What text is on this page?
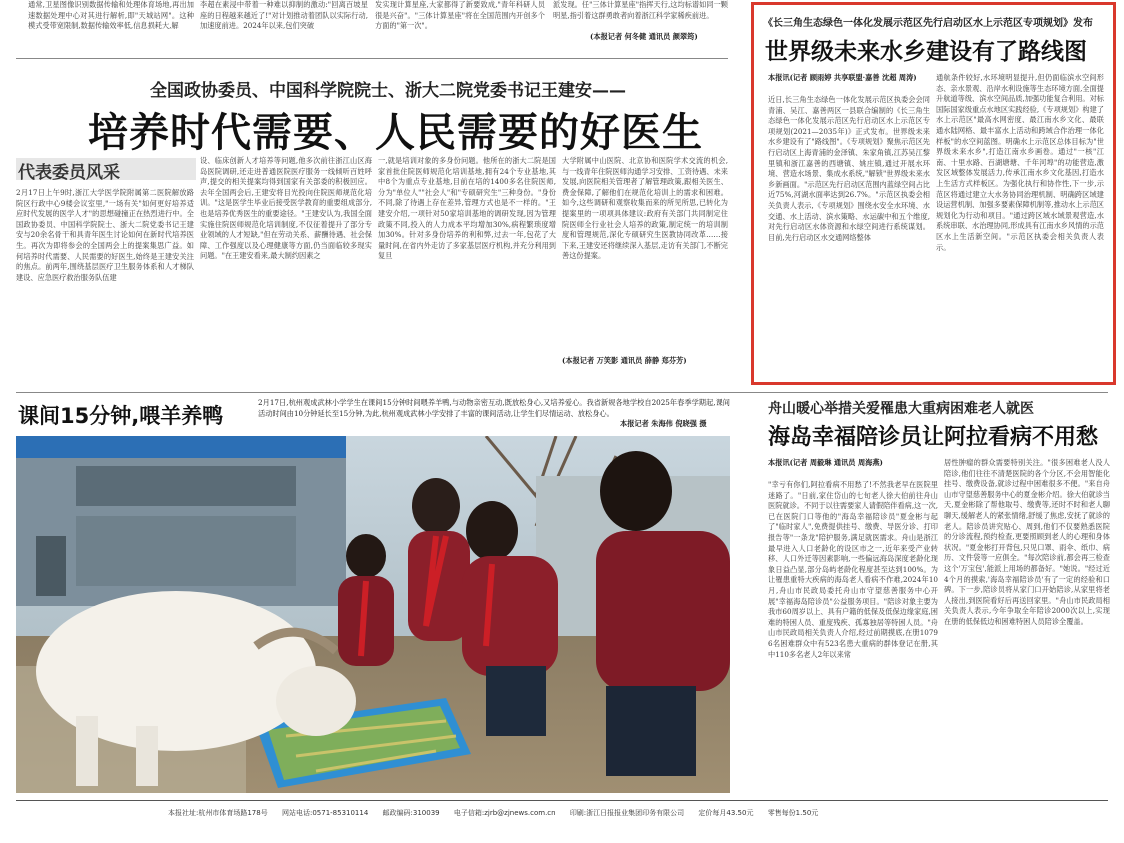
通常,卫星图像识别数据传输和处理体育场地,再出加速数据处理中心对其进行解析,即"天城站网"。这种模式受带宽限制,数据传输效率低,信息损耗大,解
李超在素浸中带着一种难以抑制的激动:"回离百坡星座的日程越来越近了!"对计划推动着团队以实际行动,加速度前进。2024年以来,包们突破
发实现计算星座,大家都得了新要致成,"青年科研人员很是兴奋"。"三体计算星座"将在全国范围内开创多个方面的"第一次"。
派发现。任"三体计算星座"指挥天行,这均标谱如同一颗明星,指引着这群勇敢者向着浙江科学家稀疾前进。
(本报记者 何冬健 通讯员 颜翠筠)
全国政协委员、中国科学院院士、浙大二院党委书记王建安——
培养时代需要、人民需要的好医生
代表委员风采
2月17日上午9时,浙江大学医学院附属第二医院解放路院区行政中心9楼会议室里,"一场有关"如何更好培养适应时代发展的医学人才"的思想碰撞正在热烈进行中。全国政协委员、中国科学院院士、浙大二院党委书记王建安与20余名骨干和具青年医生讨论如何在新时代培养医生。再次为即将参会的全国两会上的提案集思广益。如何培养时代需要、人民需要的好医生,始终是王建安关注的焦点。前两年,围绕基层医疗卫生服务体系和人才梯队建设、应急医疗救治服务队伍建
设、临床创新人才培养等问题,他多次前往浙江山区海岛医院调研,还走进普通医院医疗服务一线倾听百姓呼声,提交的相关提案均得到国家有关部委的积极回应。去年全国两会后,王建安将目光投向住院医师规范化培训。"这是医学生毕业后接受医学教育的重要组成部分,也是培养优秀医生的重要途径。"王建安认为,我国全面实施住院医师规范化培训制度,不仅征着提升了部分专业领域的人才短缺,"但在劳动关系、薪酬待遇、社会保障、工作强度以及心理健康等方面,仍当面临较多现实问题。"在王建安看来,最大制约因素之
一,就是培训对象的多身份问题。他所在的浙大二院是国家首批住院医师规范化培训基地,拥有24个专业基地,其中8个为重点专业基地,目前在培的1400多名住院医师,分为"单位人""社会人"和"专硕研究生"三种身份。"身份不同,除了待遇上存在差异,管理方式也是不一样的。"王建安介绍,一项针对50家培训基地的调研发现,因为管理政策不同,投入的人力成本平均增加30%,病程繁琐度增加30%。针对多身份培养的利和弊,过去一年,包花了大量时间,在省内外走访了多家基层医疗机构,并充分利用到复旦
大学附属中山医院、北京协和医院学术交流的机会,与一线青年住院医师沟通学习安排、工资待遇、未来发展,向医院相关管理者了解管理政策,跟相关医生、费金保障,了解他们在规范化培训上的需求和困难。如今,这些调研和观察收集而来的所见所思,已转化为提案里的一项项具体建议:政府有关部门共同制定住院医师全行业社会人培养的政策,制定统一的培训制度和管理规范,深化专硕研究生医教协同改革……接下来,王建安还将继续深入基层,走访有关部门,不断完善这份提案。
(本报记者 万笑影 通讯员 薛静 郑芬芳)
《长三角生态绿色一体化发展示范区先行启动区水上示范区专项规划》发布
世界级未来水乡建设有了路线图
本报讯(记者 顾雨婷 共享联盟·嘉善 沈超 周涛)
近日,长三角生态绿色一体化发展示范区执委会会同青浦、吴江、嘉善两区一县联合编制的《长三角生态绿色一体化发展示范区先行启动区水上示范区专项规划(2021—2035年)》正式发布。世界级未来水乡建设有了"路线图"。《专项规划》聚焦示范区先行启动区上海青浦的金泽镇、朱家角镇,江苏吴江黎里镇和浙江嘉善的西塘镇、姚庄镇,通过开展水环境、营造水场景、集成水系统,"解锁"世界级未来水乡新画面。"示范区先行启动区范围内蓝绿空间占比近75%,河湖水面率达到26.7%。"示范区执委会相关负责人表示,《专项规划》围绕水安全水环境、水交通、水上活动、滨水策略、水运碳中和五个维度,对先行启动区水体资源和水绿空间进行系统谋划。目前,先行启动区水交通网络整体
通航条件较好,水环境明显提升,但仍面临滨水空间形态、亲水景观、沿岸水利设施等生态环境方面,全面提升航道等级、滨水空间品质,加强功能复合利用。对标国际国家级重点水地区实践经验,《专项规划》构建了水上示范区"最高水网密度、最江南水乡文化、最联通水陆网格、最丰富水上活动和跨域合作治理一体化样板"的水空间蓝图。明确水上示范区总体目标为"世界级未来水乡",打造江南水乡画卷。通过"一核"江南、十里水路、百湖塘塘、千年河埠"的功能营造,激发区域整体发展活力,传承江南水乡文化基因,打造水上生活方式样板区。为强化执行和协作性,下一步,示范区将通过建立大水务协同治理机制、明确跨区域建设运营机制、加强多要素保障机制等,推动水上示范区规划化为行动和项目。"通过跨区域水域景观营造,水系统串联、水治理协同,形成具有江南水乡风情的示范区水上生活新空间。"示范区执委会相关负责人表示。
课间15分钟,喂羊养鸭
2月17日,杭州观成武林小学学生在课间15分钟时间喂养羊鸭,与动物亲密互动,既放松身心,又培养爱心。我省新规各地学校自2025年春季学期起,课间活动时间由10分钟延长至15分钟,为此,杭州观成武林小学安排了丰富的课间活动,让学生们尽情运动、放松身心。
本报记者 朱海伟 倪晓强 摄
舟山暖心举措关爱罹患大重病困难老人就医
海岛幸福陪诊员让阿拉看病不用愁
本报讯(记者 周毅琳 通讯员 周海燕)
"幸亏有你们,阿拉看病不用愁了!不然我老早在医院里迷路了。"日前,家住岱山的七旬老人徐大伯前往舟山医院就诊。不同于以往需要家人请假陪伴看病,这一次,已在医院门口等他的"海岛幸福陪诊员"夏金彬与起了"临时家人",免费提供挂号、缴费、导医分诊、打印报告等"一条龙"陪护服务,满足就医需求。舟山是浙江最早进入人口老龄化的设区市之一,近年来受产业转移、人口外迁等因素影响,一些偏远海岛深度老龄化现象日益凸显,部分岛屿老龄化程度甚至达到100%。为让罹患重特大疾病的海岛老人看病不作难,2024年10月,舟山市民政局委托舟山市守望慈善服务中心开展"幸福海岛陪诊员"公益服务项目。"陪诊对象主要为我市60周岁以上、具有户籍的低保及低保边缘家庭,困难的特困人员、重度残疾、孤寡独居等特困人员。"舟山市民政局相关负责人介绍,经过前期摸底,在册10796名困难群众中有523名患大重病的群体登记在册,其中110多名老人2年以来常
居性肿瘤的群众需要特别关注。"很多困难老人没人陪诊,他们往往不清楚医院的各个分区,不会用智能化挂号、缴费设备,就诊过程中困难很多不便。"来自舟山市守望慈善服务中心的夏金彬介绍。徐大伯就诊当天,夏金彬除了帮他取号、缴费等,还时不时和老人聊聊天,缓解老人的紧张情绪,舒缓了焦虑,安抚了就诊的老人。陪诊员讲究贴心、周到,他们不仅要熟悉医院的分诊流程,预约检查,更要照顾到老人的心理和身体状况。"夏金彬打开背包,只见口罩、雨伞、纸巾、病历、文件袋等一应俱全。"每次陪诊前,都会再三检查这个'万宝包',能派上用场的都备好。"她说。"经过近4个月的摸索,'海岛幸福陪诊员'有了一定的经验和口碑。下一步,陪诊员将从家门口开始陪诊,从家里将老人接出,到医院看好后再送回家里。"舟山市民政局相关负责人表示,今年争取全年陪诊2000次以上,实现在册的低保低边和困难特困人员陪诊全覆盖。
本报社址:杭州市体育场路178号 网站电话:0571-85310114 邮政编码:310039 电子信箱:zjrb@zjnews.com.cn 印刷:浙江日报报业集团印务有限公司 定价每月43.50元 零售每份1.50元
